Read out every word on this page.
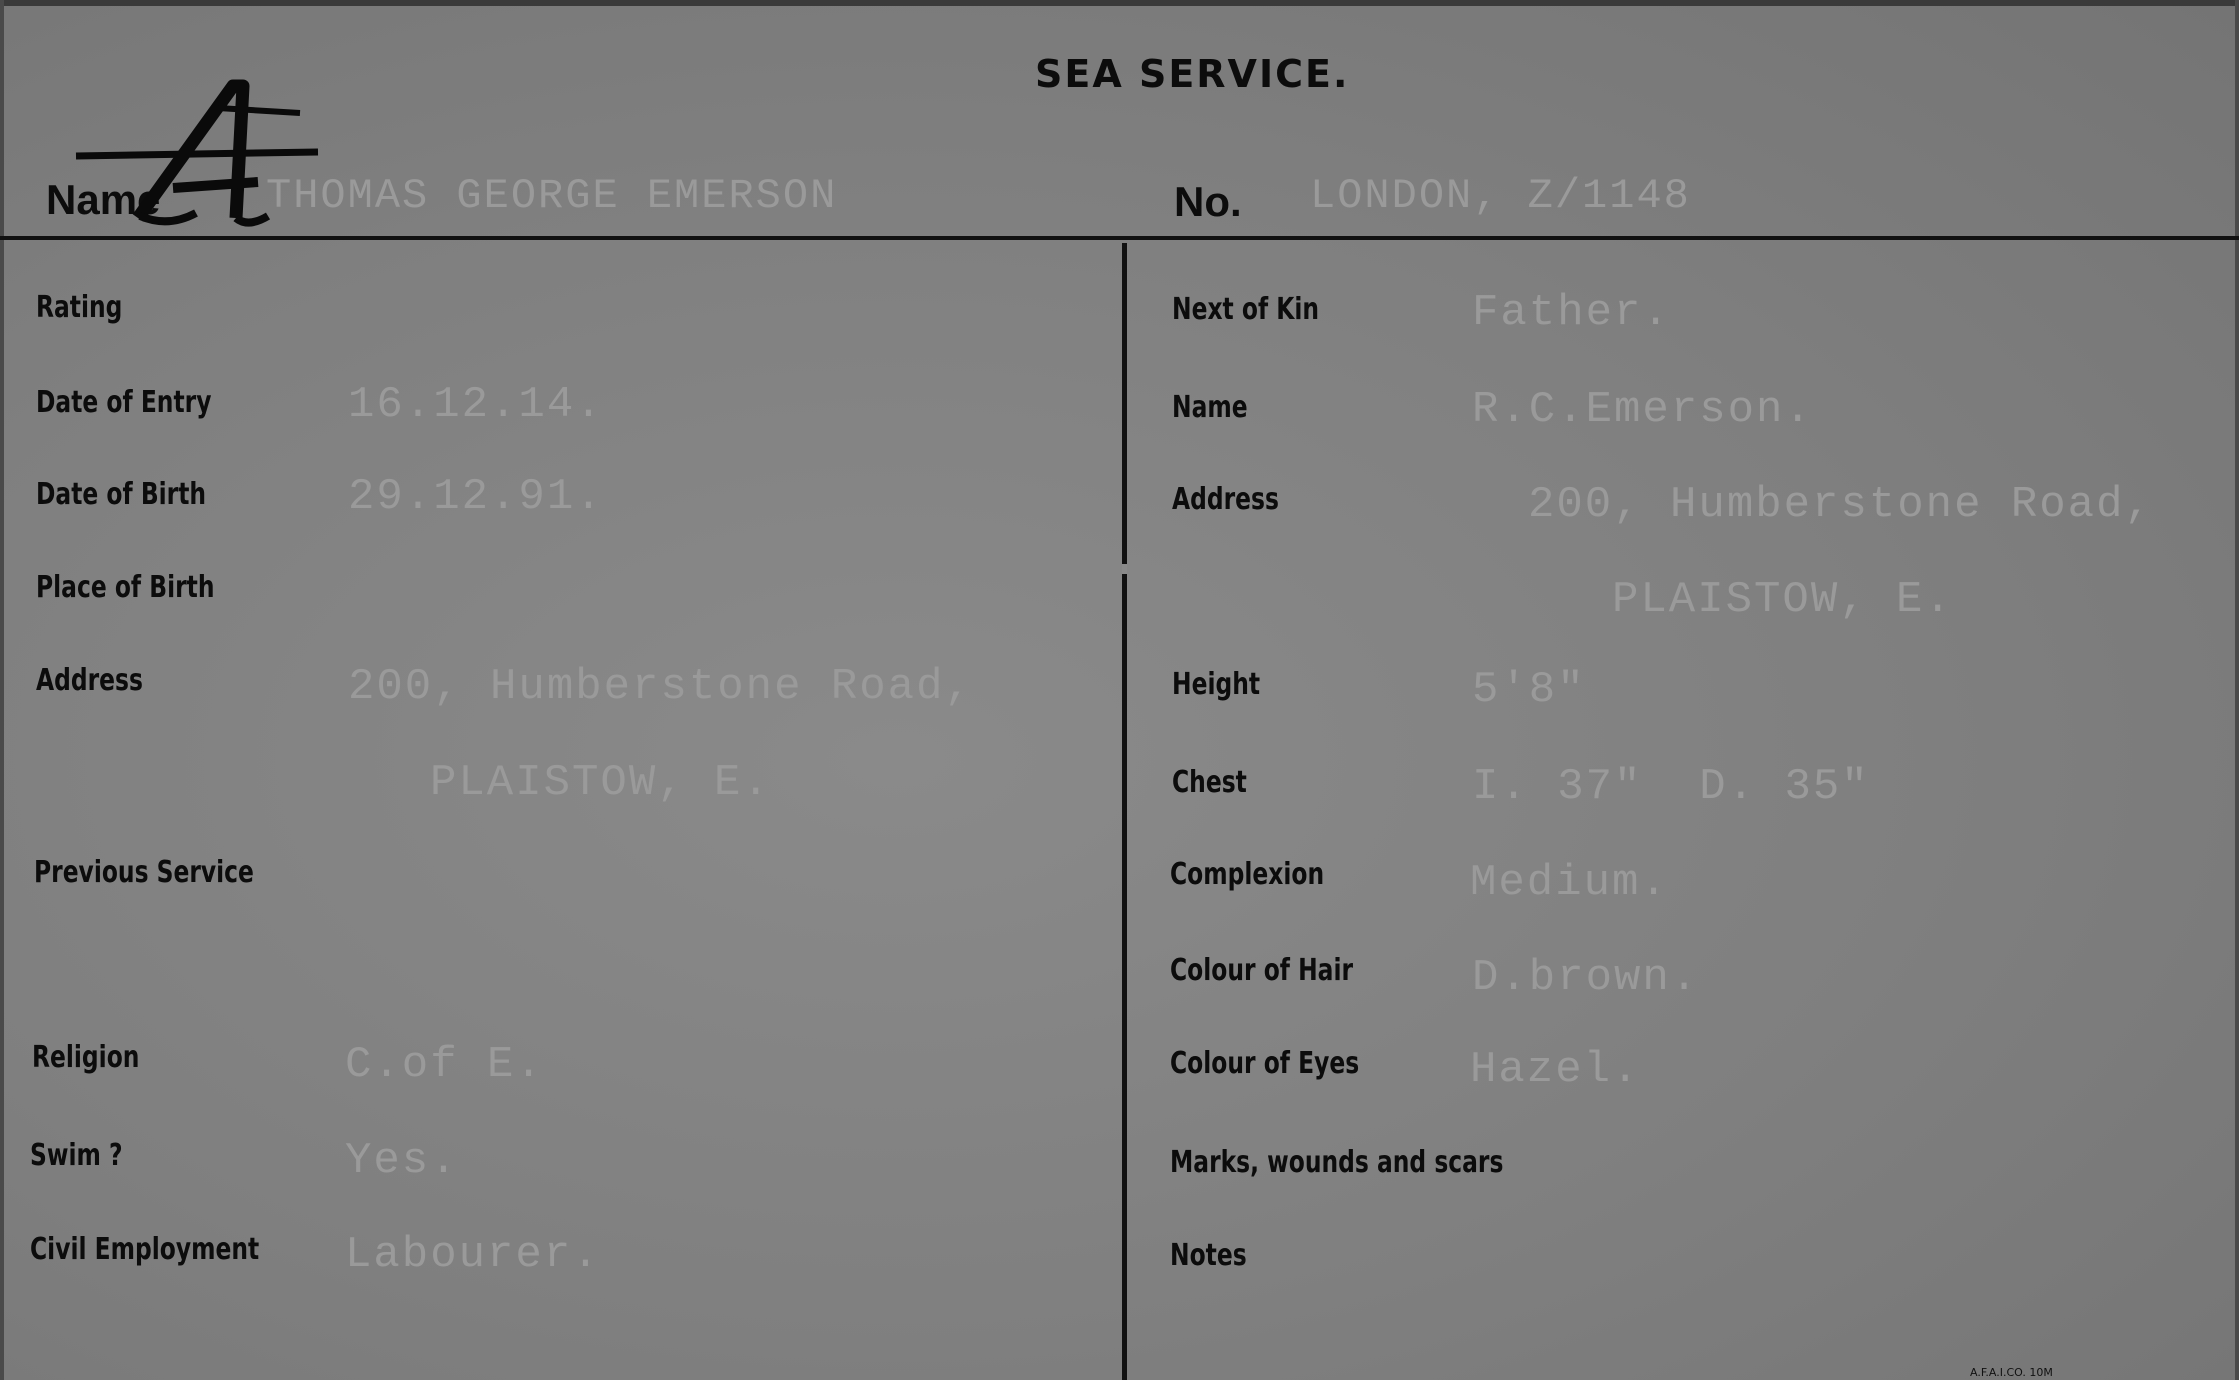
SEA SERVICE.
Name	THOMAS GEORGE EMERSON	No. LONDON, Z/1148
Rating
Date of Entry	16.12.14.
Date of Birth	29.12.91.
Place of Birth
Address	200, Humberstone Road,
PLAISTOW, E.
Previous Service
Religion	C.of E.
Swim ?	Yes.
Civil Employment Labourer.
Next of Kin	Father.
Name	R.C.Emerson.
Address	200, Humberstone Road,
PLAISTOW, E.
Height	5'8"
Chest	I. 37"  D. 35"
Complexion	Medium.
Colour of Hair	D.brown.
Colour of Eyes	Hazel.
Marks, wounds and scars
Notes
A.F.A.I.CO. 10M
